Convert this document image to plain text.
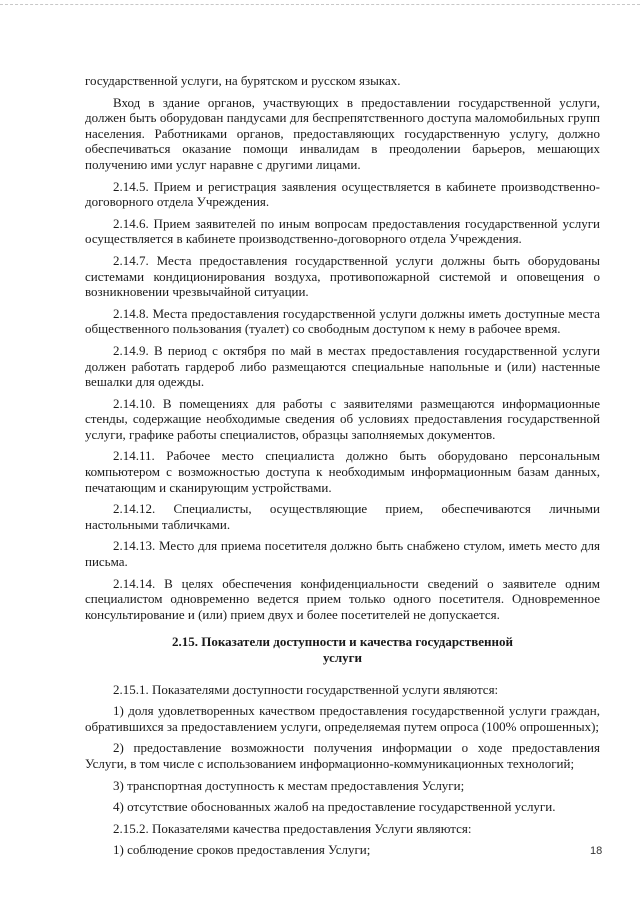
государственной услуги, на бурятском и русском языках.

Вход в здание органов, участвующих в предоставлении государственной услуги, должен быть оборудован пандусами для беспрепятственного доступа маломобильных групп населения. Работниками органов, предоставляющих государственную услугу, должно обеспечиваться оказание помощи инвалидам в преодолении барьеров, мешающих получению ими услуг наравне с другими лицами.

2.14.5. Прием и регистрация заявления осуществляется в кабинете производственно-договорного отдела Учреждения.

2.14.6. Прием заявителей по иным вопросам предоставления государственной услуги осуществляется в кабинете производственно-договорного отдела Учреждения.

2.14.7. Места предоставления государственной услуги должны быть оборудованы системами кондиционирования воздуха, противопожарной системой и оповещения о возникновении чрезвычайной ситуации.

2.14.8. Места предоставления государственной услуги должны иметь доступные места общественного пользования (туалет) со свободным доступом к нему в рабочее время.

2.14.9. В период с октября по май в местах предоставления государственной услуги должен работать гардероб либо размещаются специальные напольные и (или) настенные вешалки для одежды.

2.14.10. В помещениях для работы с заявителями размещаются информационные стенды, содержащие необходимые сведения об условиях предоставления государственной услуги, графике работы специалистов, образцы заполняемых документов.

2.14.11. Рабочее место специалиста должно быть оборудовано персональным компьютером с возможностью доступа к необходимым информационным базам данных, печатающим и сканирующим устройствами.

2.14.12. Специалисты, осуществляющие прием, обеспечиваются личными настольными табличками.

2.14.13. Место для приема посетителя должно быть снабжено стулом, иметь место для письма.

2.14.14. В целях обеспечения конфиденциальности сведений о заявителе одним специалистом одновременно ведется прием только одного посетителя. Одновременное консультирование и (или) прием двух и более посетителей не допускается.

2.15. Показатели доступности и качества государственной услуги

2.15.1. Показателями доступности государственной услуги являются:

1) доля удовлетворенных качеством предоставления государственной услуги граждан, обратившихся за предоставлением услуги, определяемая путем опроса (100% опрошенных);

2) предоставление возможности получения информации о ходе предоставления Услуги, в том числе с использованием информационно-коммуникационных технологий;

3) транспортная доступность к местам предоставления Услуги;

4) отсутствие обоснованных жалоб на предоставление государственной услуги.

2.15.2. Показателями качества предоставления Услуги являются:

1) соблюдение сроков предоставления Услуги;	18
